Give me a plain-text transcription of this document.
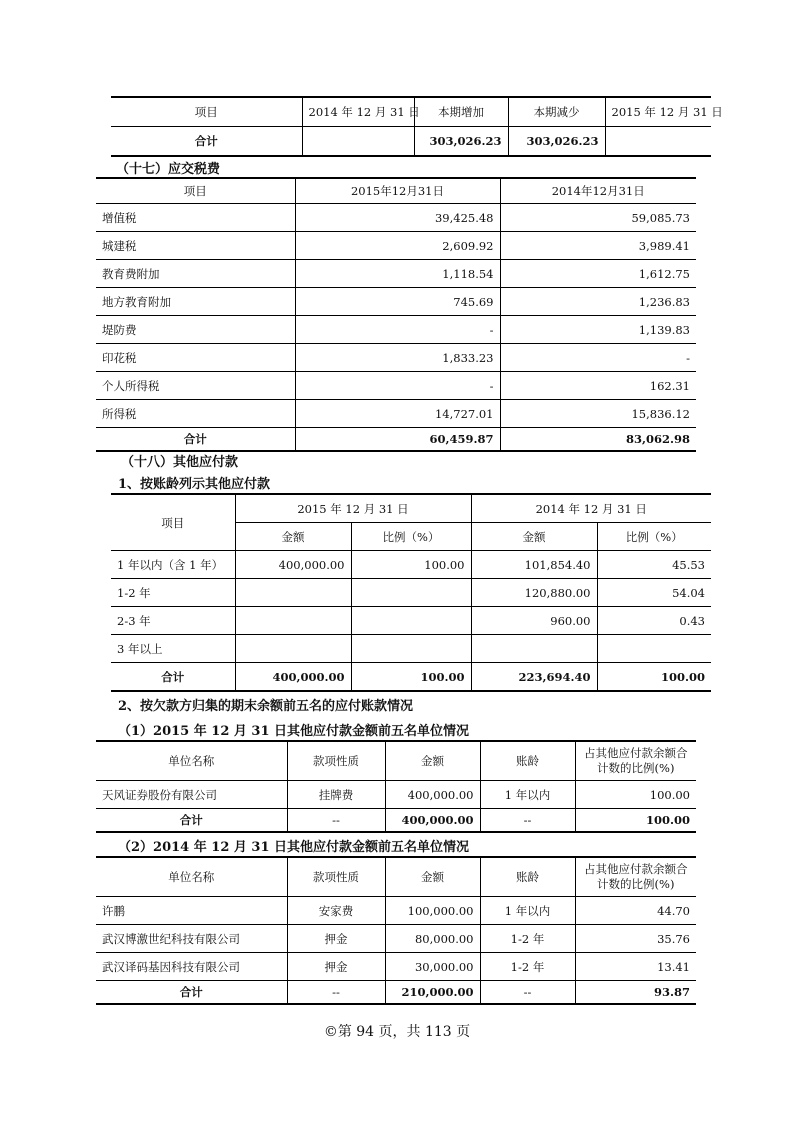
项目	2014 年 12 月 31 日	本期增加	本期减少	2015 年 12 月 31 日
合计		303,026.23	303,026.23	
（十七）应交税费
项目	2015年12月31日	2014年12月31日
增值税	39,425.48	59,085.73
城建税	2,609.92	3,989.41
教育费附加	1,118.54	1,612.75
地方教育附加	745.69	1,236.83
堤防费	-	1,139.83
印花税	1,833.23	-
个人所得税	-	162.31
所得税	14,727.01	15,836.12
合计	60,459.87	83,062.98
（十八）其他应付款
1、按账龄列示其他应付款
项目	2015 年 12 月 31 日		2014 年 12 月 31 日	
	金额	比例（%）	金额	比例（%）
1 年以内（含 1 年）	400,000.00	100.00	101,854.40	45.53
1-2 年			120,880.00	54.04
2-3 年			960.00	0.43
3 年以上				
合计	400,000.00	100.00	223,694.40	100.00
2、按欠款方归集的期末余额前五名的应付账款情况
（1）2015 年 12 月 31 日其他应付款金额前五名单位情况
单位名称	款项性质	金额	账龄	占其他应付款余额合计数的比例(%)
天风证券股份有限公司	挂牌费	400,000.00	1 年以内	100.00
合计	--	400,000.00	--	100.00
（2）2014 年 12 月 31 日其他应付款金额前五名单位情况
单位名称	款项性质	金额	账龄	占其他应付款余额合计数的比例(%)
许鹏	安家费	100,000.00	1 年以内	44.70
武汉博激世纪科技有限公司	押金	80,000.00	1-2 年	35.76
武汉译码基因科技有限公司	押金	30,000.00	1-2 年	13.41
合计	--	210,000.00	--	93.87
©第 94 页，共 113 页
